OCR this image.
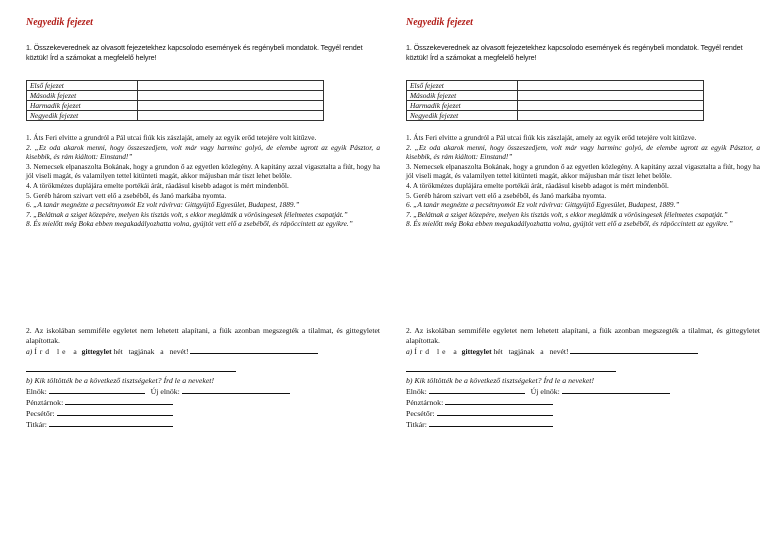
Negyedik fejezet
1. Összekeverednek az olvasott fejezetekhez kapcsolodo események és regénybeli mondatok. Tegyél rendet köztük! Írd a számokat a megfelelő helyre!
Első fejezet	
Második fejezet	
Harmadik fejezet	
Negyedik fejezet	

1. Áts Feri elvitte a grundról a Pál utcai fiúk kis zászlaját, amely az egyik erőd tetejére volt kitűzve.

2. „Ez oda akarok menni, hogy összeszedjem, volt már vagy harminc golyó, de elembe ugrott az egyik Pásztor, a kisebbik, és rám kiáltott: Einstand!”

3. Nemecsek elpanaszolta Bokának, hogy a grundon ő az egyetlen közlegény. A kapitány azzal vigasztalta a fiút, hogy ha jól viseli magát, és valamilyen tettel kitünteti magát, akkor májusban már tiszt lehet belőle.

4. A törökmézes duplájára emelte portékái árát, ráadásul kisebb adagot is mért mindenből.

5. Geréb három szivart vett elő a zsebéből, és Janó markába nyomta.

6. „A tanár megnézte a pecsétnyomót Ez volt rávírva: Gittgyüjtő Egyesület, Budapest, 1889.”

7. „Belátnak a sziget közepére, melyen kis tisztás volt, s ekkor meglátták a vörösingesek félelmetes csapatját.”

8. És mielőtt még Boka ebben megakadályozhatta volna, gyújtót vett elő a zsebéből, és rápöccintett az egyikre.”

2. Az iskolában semmiféle egyletet nem lehetett alapítani, a fiúk azonban megszegték a tilalmat, és gittegyletet alapítottak.

a) Írd le a gittegylet hét tagjának a nevét!

b) Kik töltötték be a következő tisztségeket? Írd le a neveket!

Elnök:	Új elnök:

Pénztárnok:

Pecsétőr:

Titkár:

Negyedik fejezet
1. Összekeverednek az olvasott fejezetekhez kapcsolodo események és regénybeli mondatok. Tegyél rendet köztük! Írd a számokat a megfelelő helyre!
Első fejezet	
Második fejezet	
Harmadik fejezet	
Negyedik fejezet	

1. Áts Feri elvitte a grundról a Pál utcai fiúk kis zászlaját, amely az egyik erőd tetejére volt kitűzve.

2. „Ez oda akarok menni, hogy összeszedjem, volt már vagy harminc golyó, de elembe ugrott az egyik Pásztor, a kisebbik, és rám kiáltott: Einstand!”

3. Nemecsek elpanaszolta Bokának, hogy a grundon ő az egyetlen közlegény. A kapitány azzal vigasztalta a fiút, hogy ha jól viseli magát, és valamilyen tettel kitünteti magát, akkor májusban már tiszt lehet belőle.

4. A törökmézes duplájára emelte portékái árát, ráadásul kisebb adagot is mért mindenből.

5. Geréb három szivart vett elő a zsebéből, és Janó markába nyomta.

6. „A tanár megnézte a pecsétnyomót Ez volt rávírva: Gittgyüjtő Egyesület, Budapest, 1889.”

7. „Belátnak a sziget közepére, melyen kis tisztás volt, s ekkor meglátták a vörösingesek félelmetes csapatját.”

8. És mielőtt még Boka ebben megakadályozhatta volna, gyújtót vett elő a zsebéből, és rápöccintett az egyikre.”

2. Az iskolában semmiféle egyletet nem lehetett alapítani, a fiúk azonban megszegték a tilalmat, és gittegyletet alapítottak.

a) Írd le a gittegylet hét tagjának a nevét!

b) Kik töltötték be a következő tisztségeket? Írd le a neveket!

Elnök:	Új elnök:

Pénztárnok:

Pecsétőr:

Titkár:
